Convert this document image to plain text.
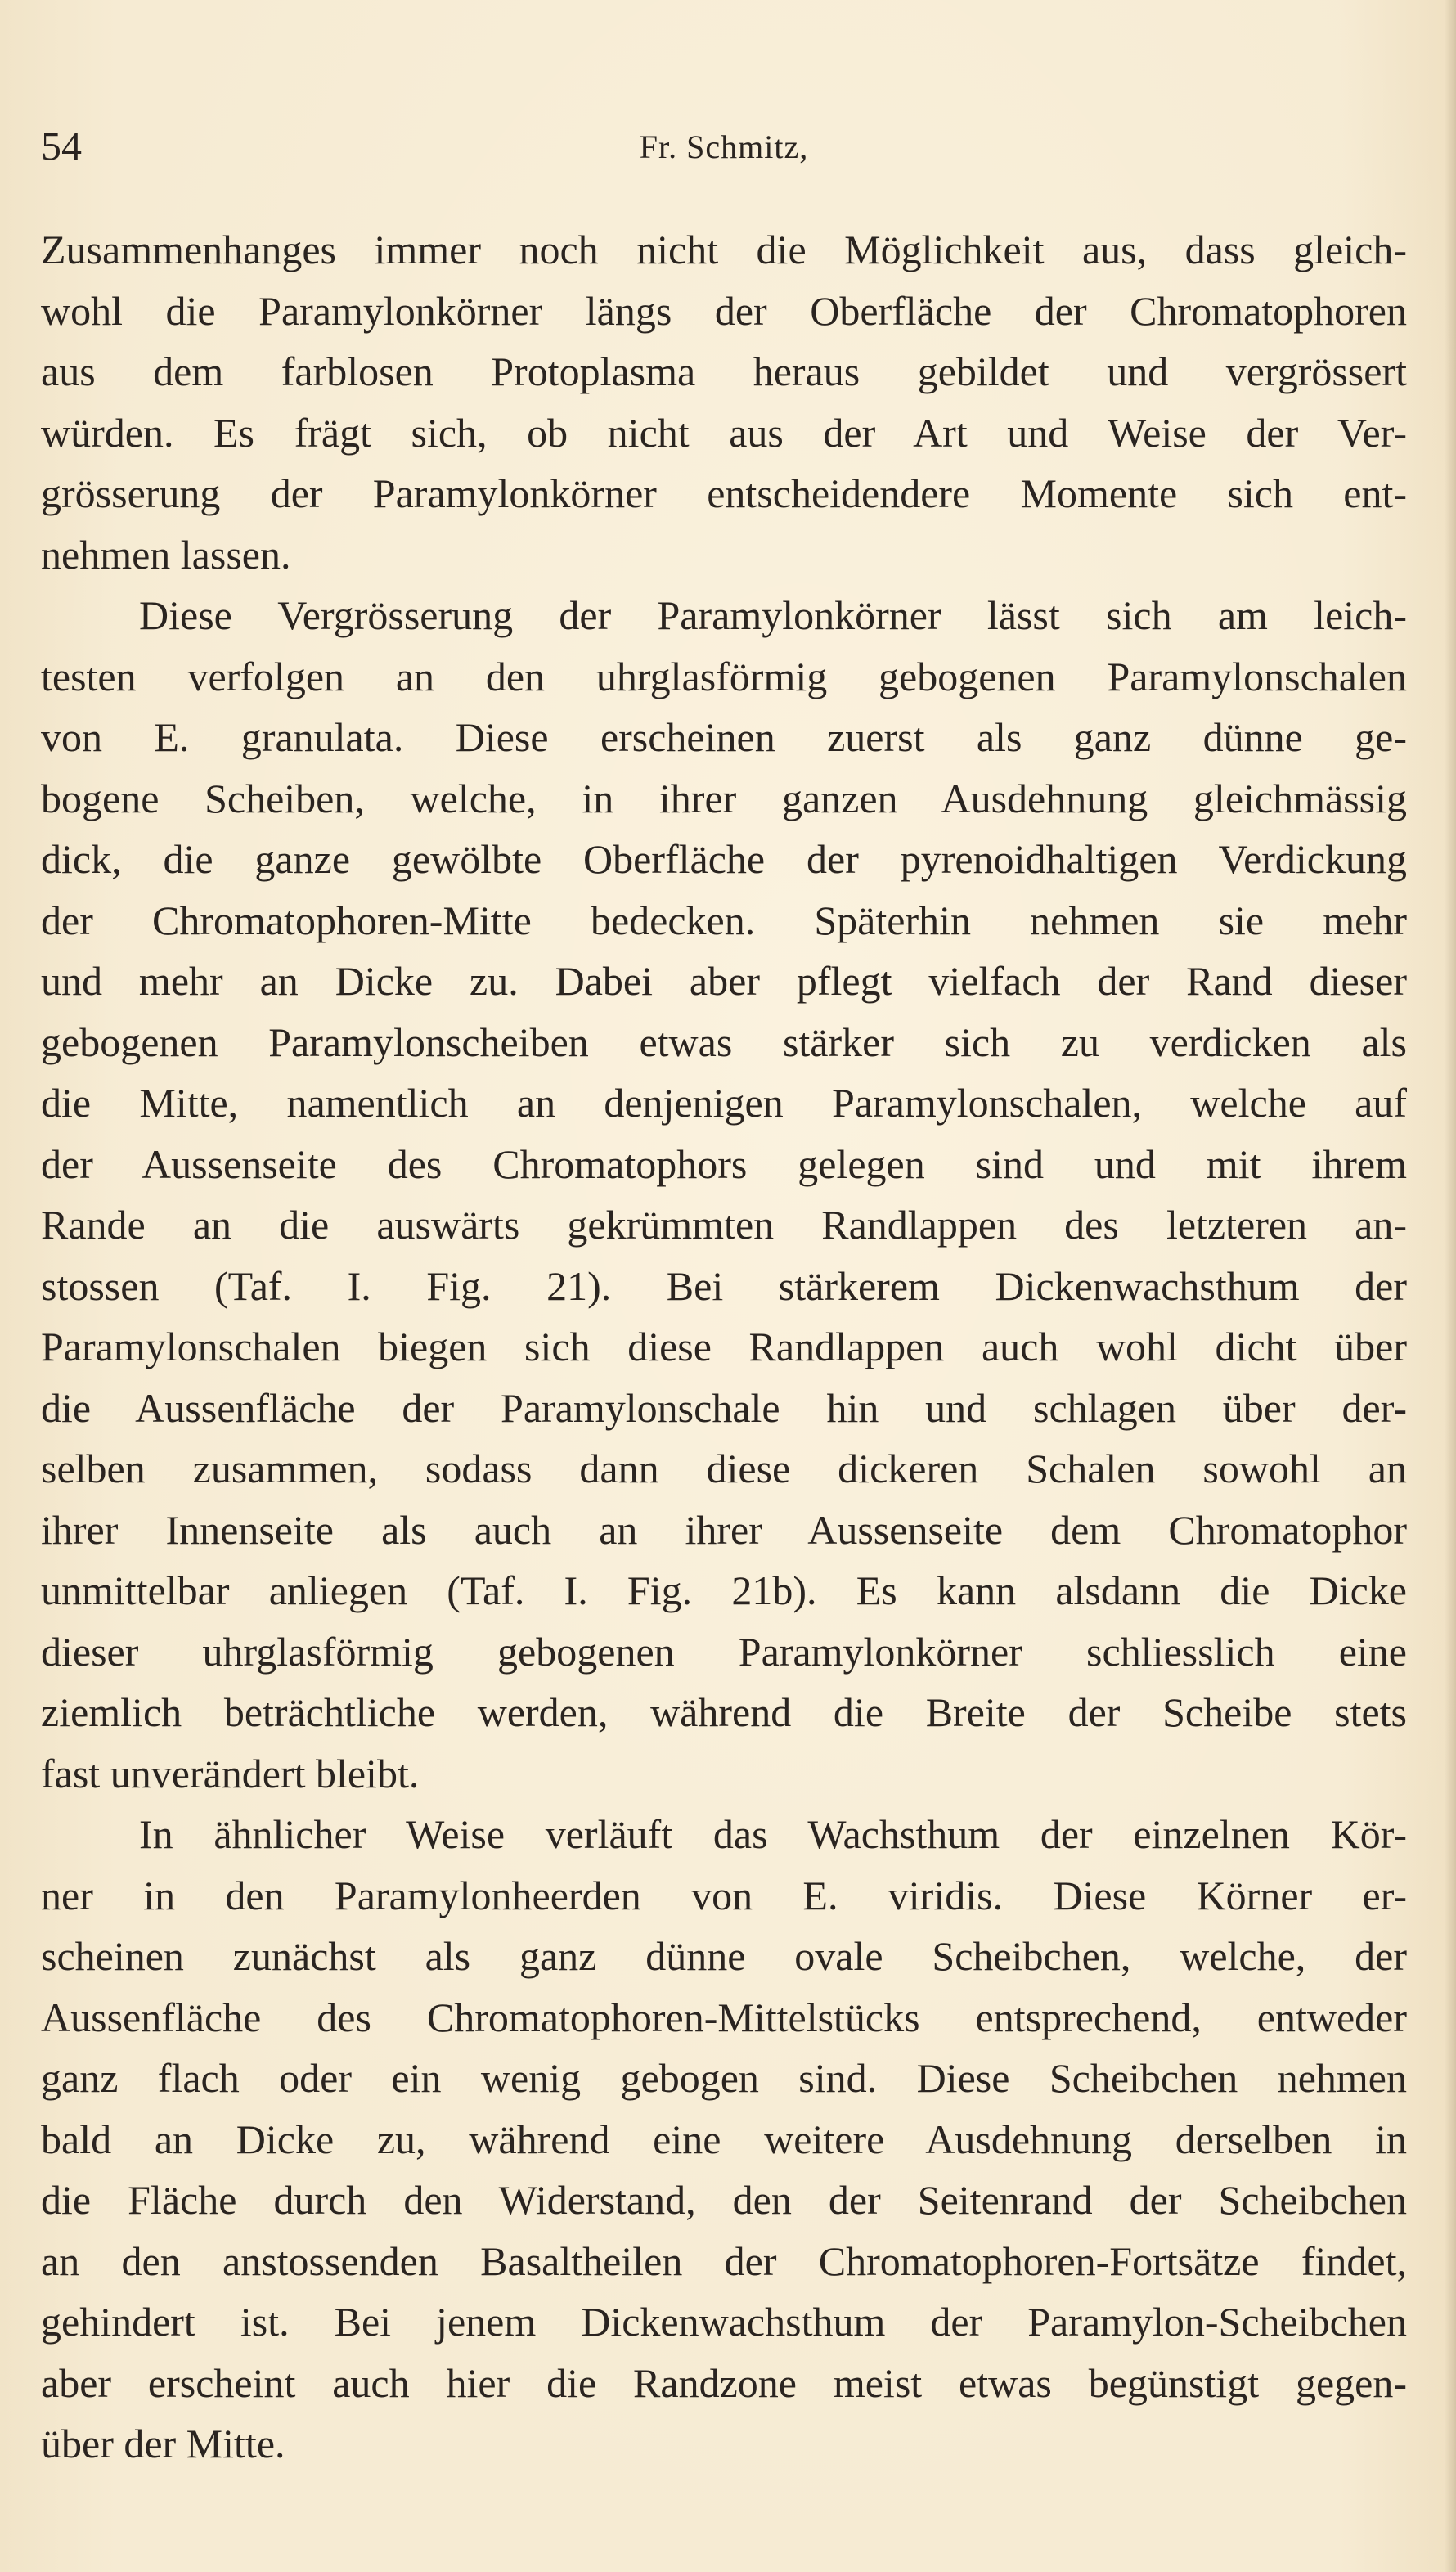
54	Fr. Schmitz,
Zusammenhanges immer noch nicht die Möglichkeit aus, dass gleich-
wohl die Paramylonkörner längs der Oberfläche der Chromatophoren
aus dem farblosen Protoplasma heraus gebildet und vergrössert
würden. Es frägt sich, ob nicht aus der Art und Weise der Ver-
grösserung der Paramylonkörner entscheidendere Momente sich ent-
nehmen lassen.
Diese Vergrösserung der Paramylonkörner lässt sich am leich-
testen verfolgen an den uhrglasförmig gebogenen Paramylonschalen
von E. granulata. Diese erscheinen zuerst als ganz dünne ge-
bogene Scheiben, welche, in ihrer ganzen Ausdehnung gleichmässig
dick, die ganze gewölbte Oberfläche der pyrenoidhaltigen Verdickung
der Chromatophoren-Mitte bedecken. Späterhin nehmen sie mehr
und mehr an Dicke zu. Dabei aber pflegt vielfach der Rand dieser
gebogenen Paramylonscheiben etwas stärker sich zu verdicken als
die Mitte, namentlich an denjenigen Paramylonschalen, welche auf
der Aussenseite des Chromatophors gelegen sind und mit ihrem
Rande an die auswärts gekrümmten Randlappen des letzteren an-
stossen (Taf. I. Fig. 21). Bei stärkerem Dickenwachsthum der
Paramylonschalen biegen sich diese Randlappen auch wohl dicht über
die Aussenfläche der Paramylonschale hin und schlagen über der-
selben zusammen, sodass dann diese dickeren Schalen sowohl an
ihrer Innenseite als auch an ihrer Aussenseite dem Chromatophor
unmittelbar anliegen (Taf. I. Fig. 21b). Es kann alsdann die Dicke
dieser uhrglasförmig gebogenen Paramylonkörner schliesslich eine
ziemlich beträchtliche werden, während die Breite der Scheibe stets
fast unverändert bleibt.
In ähnlicher Weise verläuft das Wachsthum der einzelnen Kör-
ner in den Paramylonheerden von E. viridis. Diese Körner er-
scheinen zunächst als ganz dünne ovale Scheibchen, welche, der
Aussenfläche des Chromatophoren-Mittelstücks entsprechend, entweder
ganz flach oder ein wenig gebogen sind. Diese Scheibchen nehmen
bald an Dicke zu, während eine weitere Ausdehnung derselben in
die Fläche durch den Widerstand, den der Seitenrand der Scheibchen
an den anstossenden Basaltheilen der Chromatophoren-Fortsätze findet,
gehindert ist. Bei jenem Dickenwachsthum der Paramylon-Scheibchen
aber erscheint auch hier die Randzone meist etwas begünstigt gegen-
über der Mitte.
